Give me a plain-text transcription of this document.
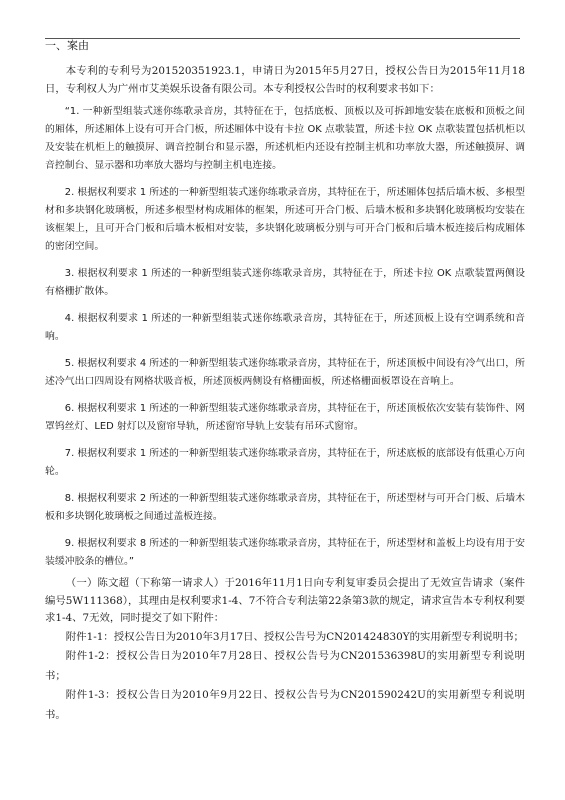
一、案由

本专利的专利号为201520351923.1，申请日为2015年5月27日，授权公告日为2015年11月18日，专利权人为广州市艾美娱乐设备有限公司。本专利授权公告时的权利要求书如下：

“1. 一种新型组装式迷你练歌录音房，其特征在于，包括底板、顶板以及可拆卸地安装在底板和顶板之间的厢体，所述厢体上设有可开合门板，所述厢体中设有卡拉 OK 点歌装置，所述卡拉 OK 点歌装置包括机柜以及安装在机柜上的触摸屏、调音控制台和显示器，所述机柜内还设有控制主机和功率放大器，所述触摸屏、调音控制台、显示器和功率放大器均与控制主机电连接。

2. 根据权利要求 1 所述的一种新型组装式迷你练歌录音房，其特征在于，所述厢体包括后墙木板、多根型材和多块钢化玻璃板，所述多根型材构成厢体的框架，所述可开合门板、后墙木板和多块钢化玻璃板均安装在该框架上，且可开合门板和后墙木板相对安装，多块钢化玻璃板分别与可开合门板和后墙木板连接后构成厢体的密闭空间。

3. 根据权利要求 1 所述的一种新型组装式迷你练歌录音房，其特征在于，所述卡拉 OK 点歌装置两侧设有格栅扩散体。

4. 根据权利要求 1 所述的一种新型组装式迷你练歌录音房，其特征在于，所述顶板上设有空调系统和音响。

5. 根据权利要求 4 所述的一种新型组装式迷你练歌录音房，其特征在于，所述顶板中间设有冷气出口，所述冷气出口四周设有网格状吸音板，所述顶板两侧设有格栅面板，所述格栅面板罩设在音响上。

6. 根据权利要求 1 所述的一种新型组装式迷你练歌录音房，其特征在于，所述顶板依次安装有装饰件、网罩钨丝灯、LED 射灯以及窗帘导轨，所述窗帘导轨上安装有吊环式窗帘。

7. 根据权利要求 1 所述的一种新型组装式迷你练歌录音房，其特征在于，所述底板的底部设有低重心万向轮。

8. 根据权利要求 2 所述的一种新型组装式迷你练歌录音房，其特征在于，所述型材与可开合门板、后墙木板和多块钢化玻璃板之间通过盖板连接。

9. 根据权利要求 8 所述的一种新型组装式迷你练歌录音房，其特征在于，所述型材和盖板上均设有用于安装缓冲胶条的槽位。”

（一）陈文超（下称第一请求人）于2016年11月1日向专利复审委员会提出了无效宣告请求（案件编号5W111368），其理由是权利要求1-4、7不符合专利法第22条第3款的规定，请求宣告本专利权利要求1-4、7无效，同时提交了如下附件：

附件1-1：授权公告日为2010年3月17日、授权公告号为CN201424830Y的实用新型专利说明书；

附件1-2：授权公告日为2010年7月28日、授权公告号为CN201536398U的实用新型专利说明书；

附件1-3：授权公告日为2010年9月22日、授权公告号为CN201590242U的实用新型专利说明书。
